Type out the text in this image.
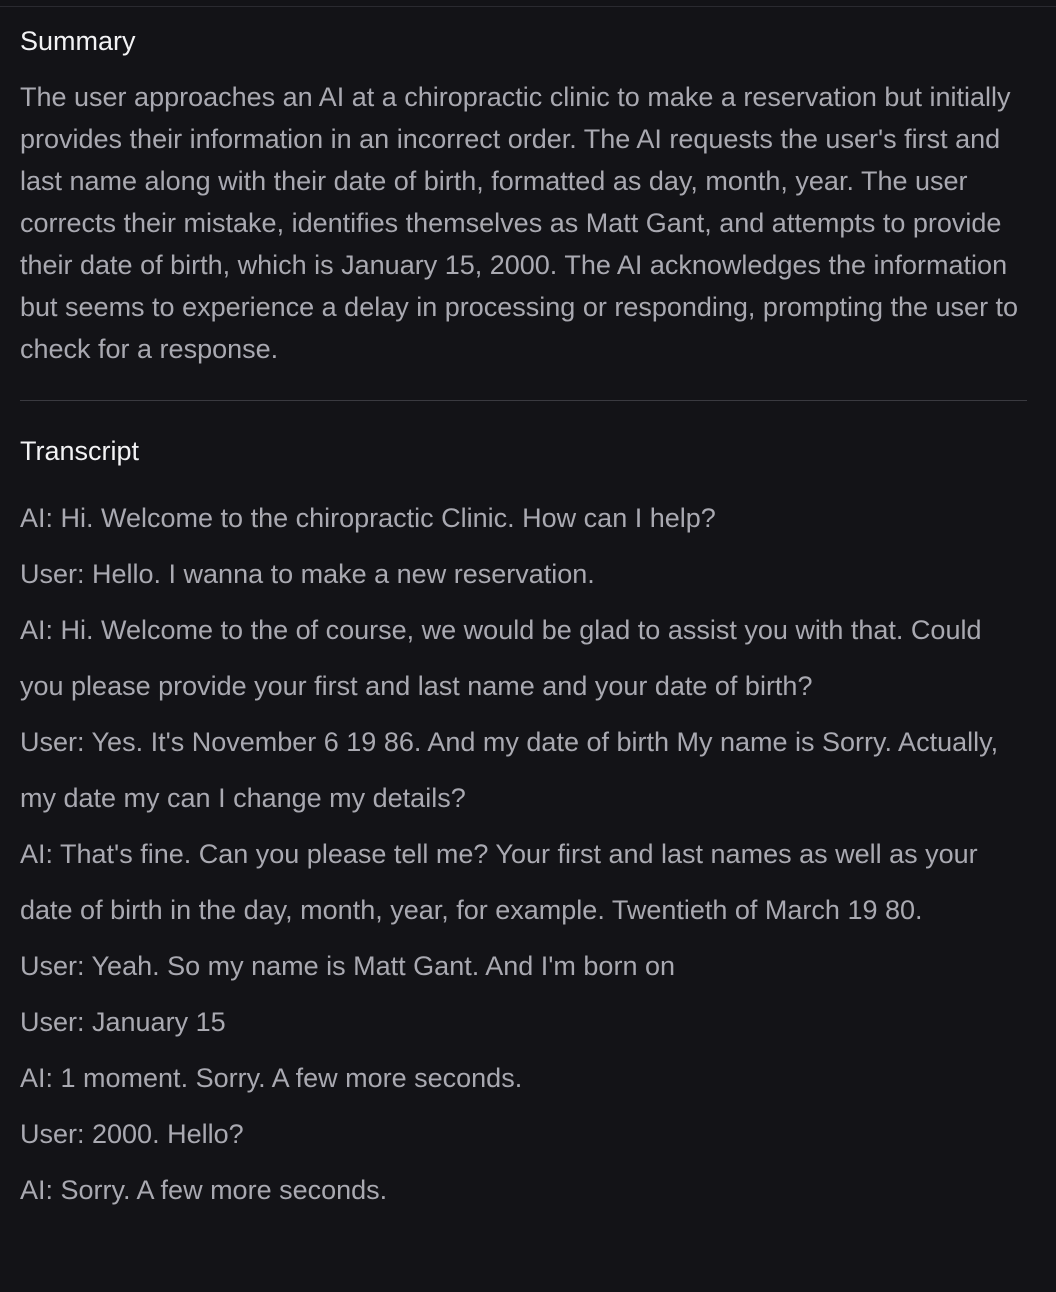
Summary

The user approaches an AI at a chiropractic clinic to make a reservation but initially provides their information in an incorrect order. The AI requests the user's first and last name along with their date of birth, formatted as day, month, year. The user corrects their mistake, identifies themselves as Matt Gant, and attempts to provide their date of birth, which is January 15, 2000. The AI acknowledges the information but seems to experience a delay in processing or responding, prompting the user to check for a response.

Transcript
AI: Hi. Welcome to the chiropractic Clinic. How can I help?
User: Hello. I wanna to make a new reservation.
AI: Hi. Welcome to the of course, we would be glad to assist you with that. Could you please provide your first and last name and your date of birth?
User: Yes. It's November 6 19 86. And my date of birth My name is Sorry. Actually, my date my can I change my details?
AI: That's fine. Can you please tell me? Your first and last names as well as your date of birth in the day, month, year, for example. Twentieth of March 19 80.
User: Yeah. So my name is Matt Gant. And I'm born on
User: January 15
AI: 1 moment. Sorry. A few more seconds.
User: 2000. Hello?
AI: Sorry. A few more seconds.
